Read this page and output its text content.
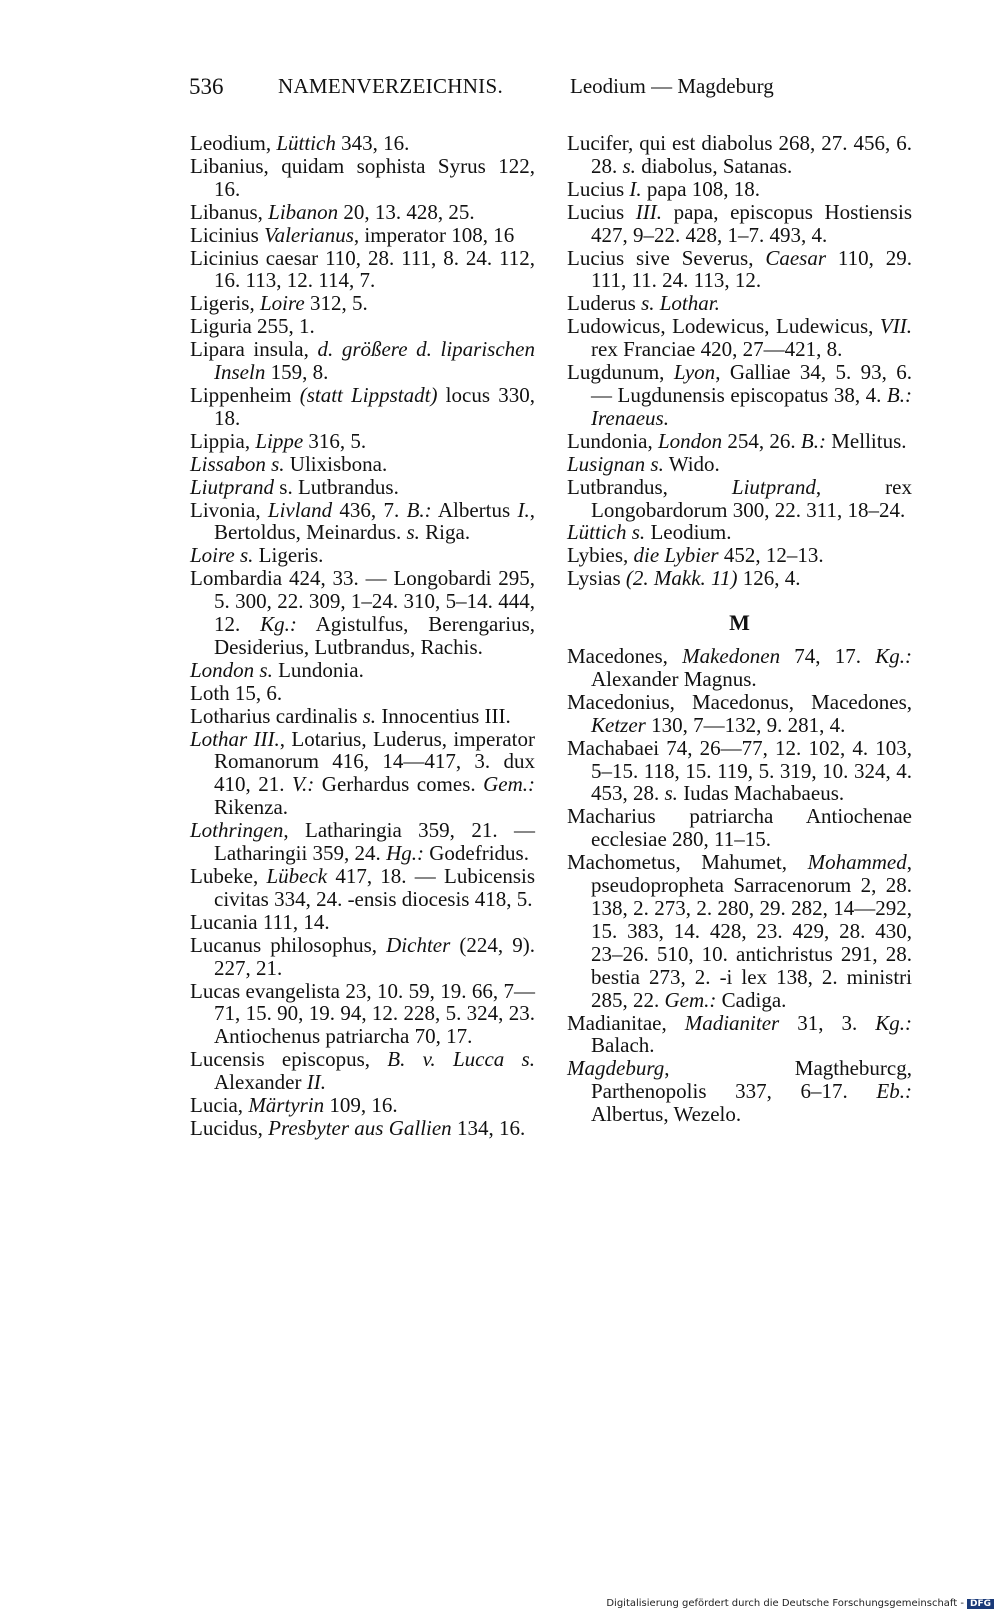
536	NAMENVERZEICHNIS.	Leodium — Magdeburg
Leodium, Lüttich 343, 16.
Libanius, quidam sophista Syrus 122, 16.
Libanus, Libanon 20, 13. 428, 25.
Licinius Valerianus, imperator 108, 16
Licinius caesar 110, 28. 111, 8. 24. 112, 16. 113, 12. 114, 7.
Ligeris, Loire 312, 5.
Liguria 255, 1.
Lipara insula, d. größere d. liparischen Inseln 159, 8.
Lippenheim (statt Lippstadt) locus 330, 18.
Lippia, Lippe 316, 5.
Lissabon s. Ulixisbona.
Liutprand s. Lutbrandus.
Livonia, Livland 436, 7. B.: Albertus I., Bertoldus, Meinardus. s. Riga.
Loire s. Ligeris.
Lombardia 424, 33. — Longobardi 295, 5. 300, 22. 309, 1–24. 310, 5–14. 444, 12. Kg.: Agistulfus, Berengarius, Desiderius, Lutbrandus, Rachis.
London s. Lundonia.
Loth 15, 6.
Lotharius cardinalis s. Innocentius III.
Lothar III., Lotarius, Luderus, imperator Romanorum 416, 14—417, 3. dux 410, 21. V.: Gerhardus comes. Gem.: Rikenza.
Lothringen, Latharingia 359, 21. — Latharingii 359, 24. Hg.: Godefridus.
Lubeke, Lübeck 417, 18. — Lubicensis civitas 334, 24. -ensis diocesis 418, 5.
Lucania 111, 14.
Lucanus philosophus, Dichter (224, 9). 227, 21.
Lucas evangelista 23, 10. 59, 19. 66, 7—71, 15. 90, 19. 94, 12. 228, 5. 324, 23. Antiochenus patriarcha 70, 17.
Lucensis episcopus, B. v. Lucca s. Alexander II.
Lucia, Märtyrin 109, 16.
Lucidus, Presbyter aus Gallien 134, 16.
Lucifer, qui est diabolus 268, 27. 456, 6. 28. s. diabolus, Satanas.
Lucius I. papa 108, 18.
Lucius III. papa, episcopus Hostiensis 427, 9–22. 428, 1–7. 493, 4.
Lucius sive Severus, Caesar 110, 29. 111, 11. 24. 113, 12.
Luderus s. Lothar.
Ludowicus, Lodewicus, Ludewicus, VII. rex Franciae 420, 27—421, 8.
Lugdunum, Lyon, Galliae 34, 5. 93, 6. — Lugdunensis episcopatus 38, 4. B.: Irenaeus.
Lundonia, London 254, 26. B.: Mellitus.
Lusignan s. Wido.
Lutbrandus, Liutprand, rex Longobardorum 300, 22. 311, 18–24.
Lüttich s. Leodium.
Lybies, die Lybier 452, 12–13.
Lysias (2. Makk. 11) 126, 4.
M
Macedones, Makedonen 74, 17. Kg.: Alexander Magnus.
Macedonius, Macedonus, Macedones, Ketzer 130, 7—132, 9. 281, 4.
Machabaei 74, 26—77, 12. 102, 4. 103, 5–15. 118, 15. 119, 5. 319, 10. 324, 4. 453, 28. s. Iudas Machabaeus.
Macharius patriarcha Antiochenae ecclesiae 280, 11–15.
Machometus, Mahumet, Mohammed, pseudopropheta Sarracenorum 2, 28. 138, 2. 273, 2. 280, 29. 282, 14—292, 15. 383, 14. 428, 23. 429, 28. 430, 23–26. 510, 10. antichristus 291, 28. bestia 273, 2. -i lex 138, 2. ministri 285, 22. Gem.: Cadiga.
Madianitae, Madianiter 31, 3. Kg.: Balach.
Magdeburg, Magtheburcg, Parthenopolis 337, 6–17. Eb.: Albertus, Wezelo.
Digitalisierung gefördert durch die Deutsche Forschungsgemeinschaft - DFG
